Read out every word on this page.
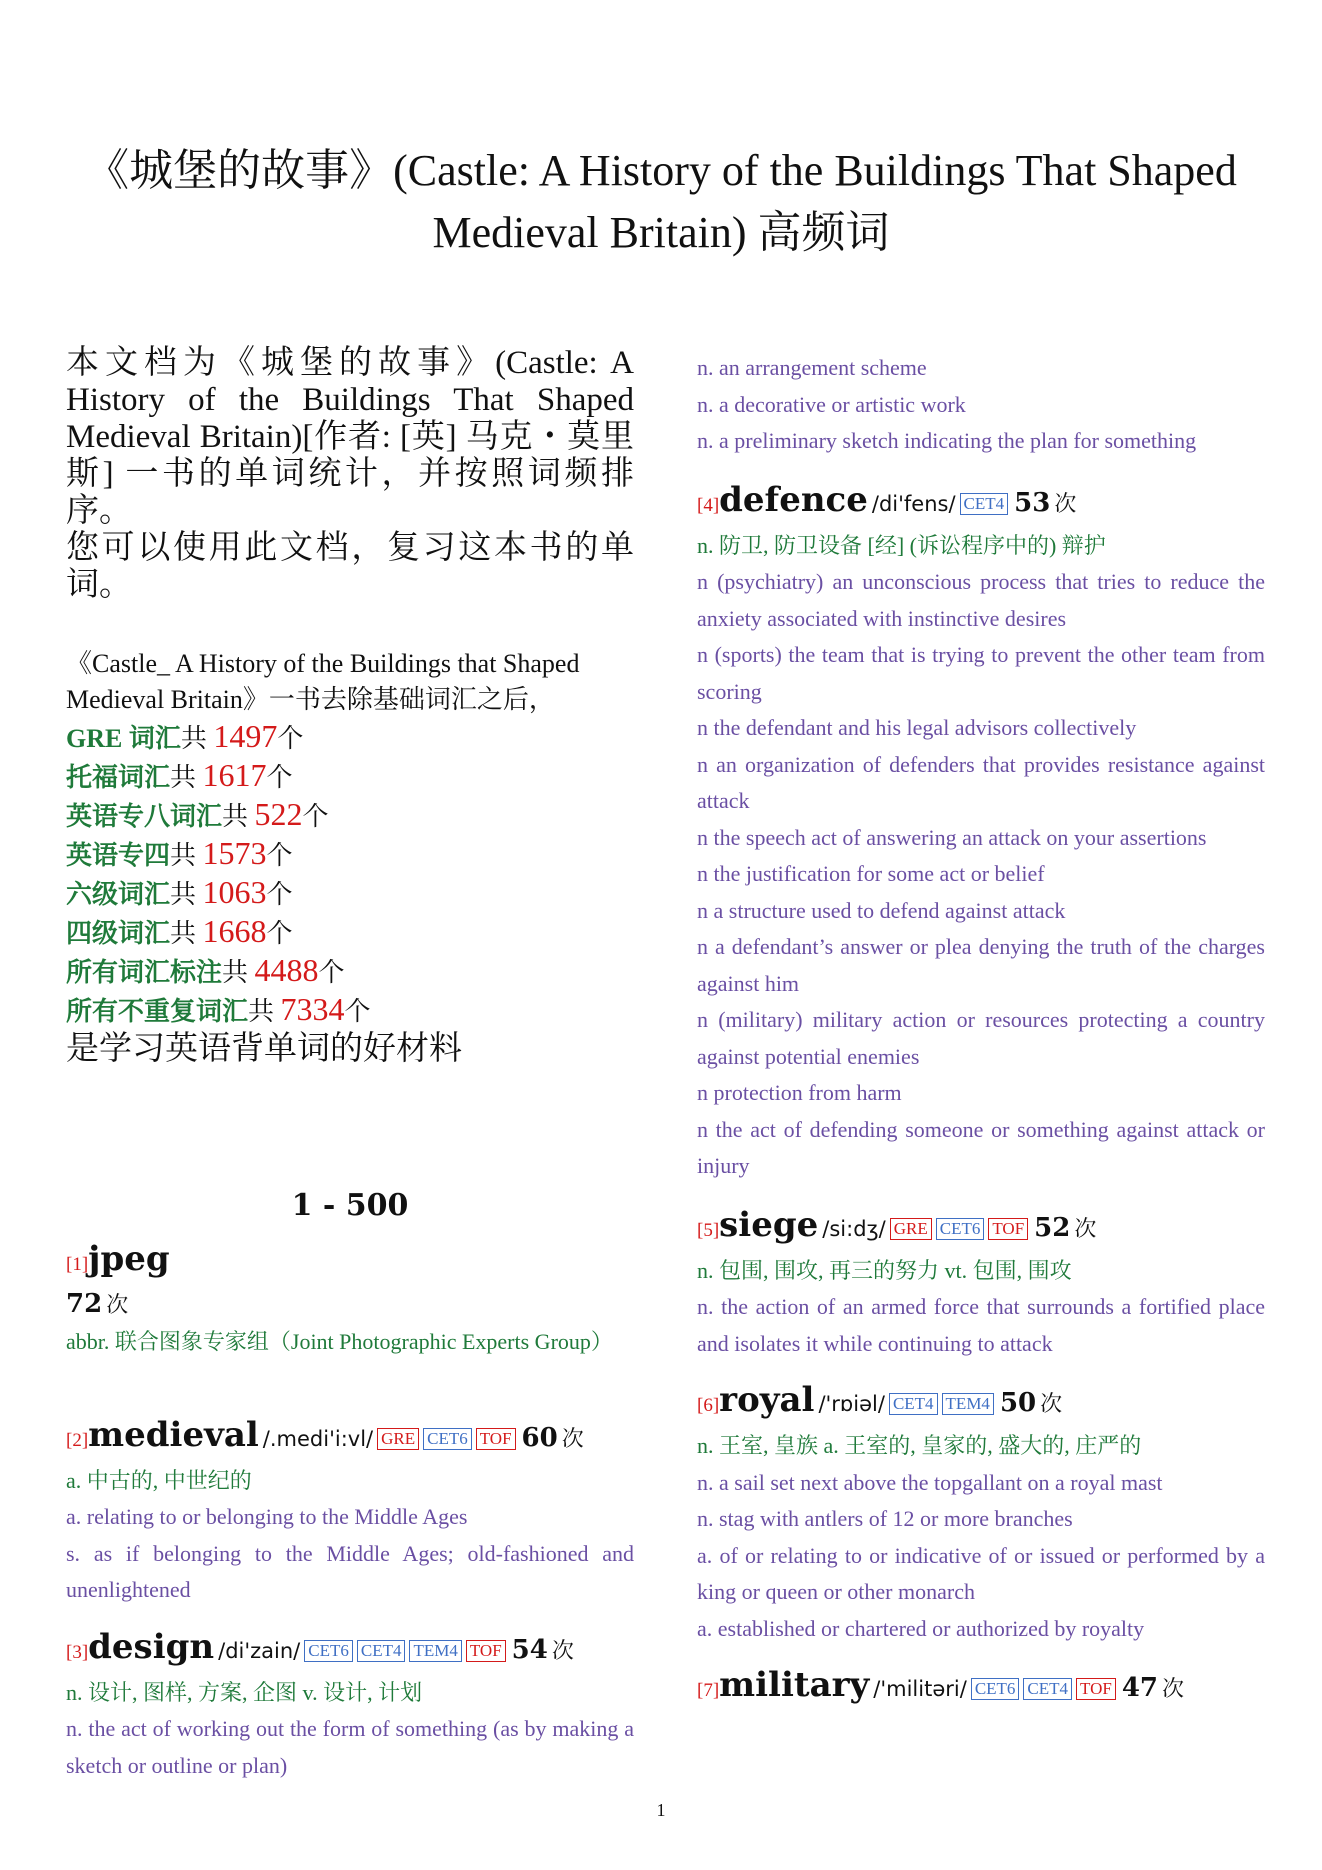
《城堡的故事》(Castle: A History of the Buildings That Shaped
Medieval Britain) 高频词

本文档为《城堡的故事》(Castle: A History of the Buildings That Shaped Medieval Britain)[作者: [英] 马克・莫里斯] 一书的单词统计，并按照词频排序。

您可以使用此文档，复习这本书的单词。

《Castle_ A History of the Buildings that Shaped Medieval Britain》一书去除基础词汇之后，
GRE 词汇共 1497个
托福词汇共 1617个
英语专八词汇共 522个
英语专四共 1573个
六级词汇共 1063个
四级词汇共 1668个
所有词汇标注共 4488个
所有不重复词汇共 7334个
是学习英语背单词的好材料
1 - 500
[1]jpeg
72 次

abbr. 联合图象专家组（Joint Photographic Experts Group）

[2]medieval /.medi'i:vl/ GRE CET6 TOF 60 次

a. 中古的, 中世纪的

a. relating to or belonging to the Middle Ages

s. as if belonging to the Middle Ages; old-fashioned and unenlightened

[3]design /di'zain/ CET6 CET4 TEM4 TOF 54 次

n. 设计, 图样, 方案, 企图 v. 设计, 计划

n. the act of working out the form of something (as by making a sketch or outline or plan)

n. an arrangement scheme

n. a decorative or artistic work

n. a preliminary sketch indicating the plan for something

[4]defence /di'fens/ CET4 53 次

n. 防卫, 防卫设备 [经] (诉讼程序中的) 辩护

n (psychiatry) an unconscious process that tries to reduce the anxiety associated with instinctive desires

n (sports) the team that is trying to prevent the other team from scoring

n the defendant and his legal advisors collectively

n an organization of defenders that provides resistance against attack

n the speech act of answering an attack on your assertions

n the justification for some act or belief

n a structure used to defend against attack

n a defendant’s answer or plea denying the truth of the charges against him

n (military) military action or resources protecting a country against potential enemies

n protection from harm

n the act of defending someone or something against attack or injury

[5]siege /si:dʒ/ GRE CET6 TOF 52 次

n. 包围, 围攻, 再三的努力 vt. 包围, 围攻

n. the action of an armed force that surrounds a fortified place and isolates it while continuing to attack

[6]royal /'rɒiəl/ CET4 TEM4 50 次

n. 王室, 皇族 a. 王室的, 皇家的, 盛大的, 庄严的

n. a sail set next above the topgallant on a royal mast

n. stag with antlers of 12 or more branches

a. of or relating to or indicative of or issued or performed by a king or queen or other monarch

a. established or chartered or authorized by royalty

[7]military /'militəri/ CET6 CET4 TOF 47 次
1
